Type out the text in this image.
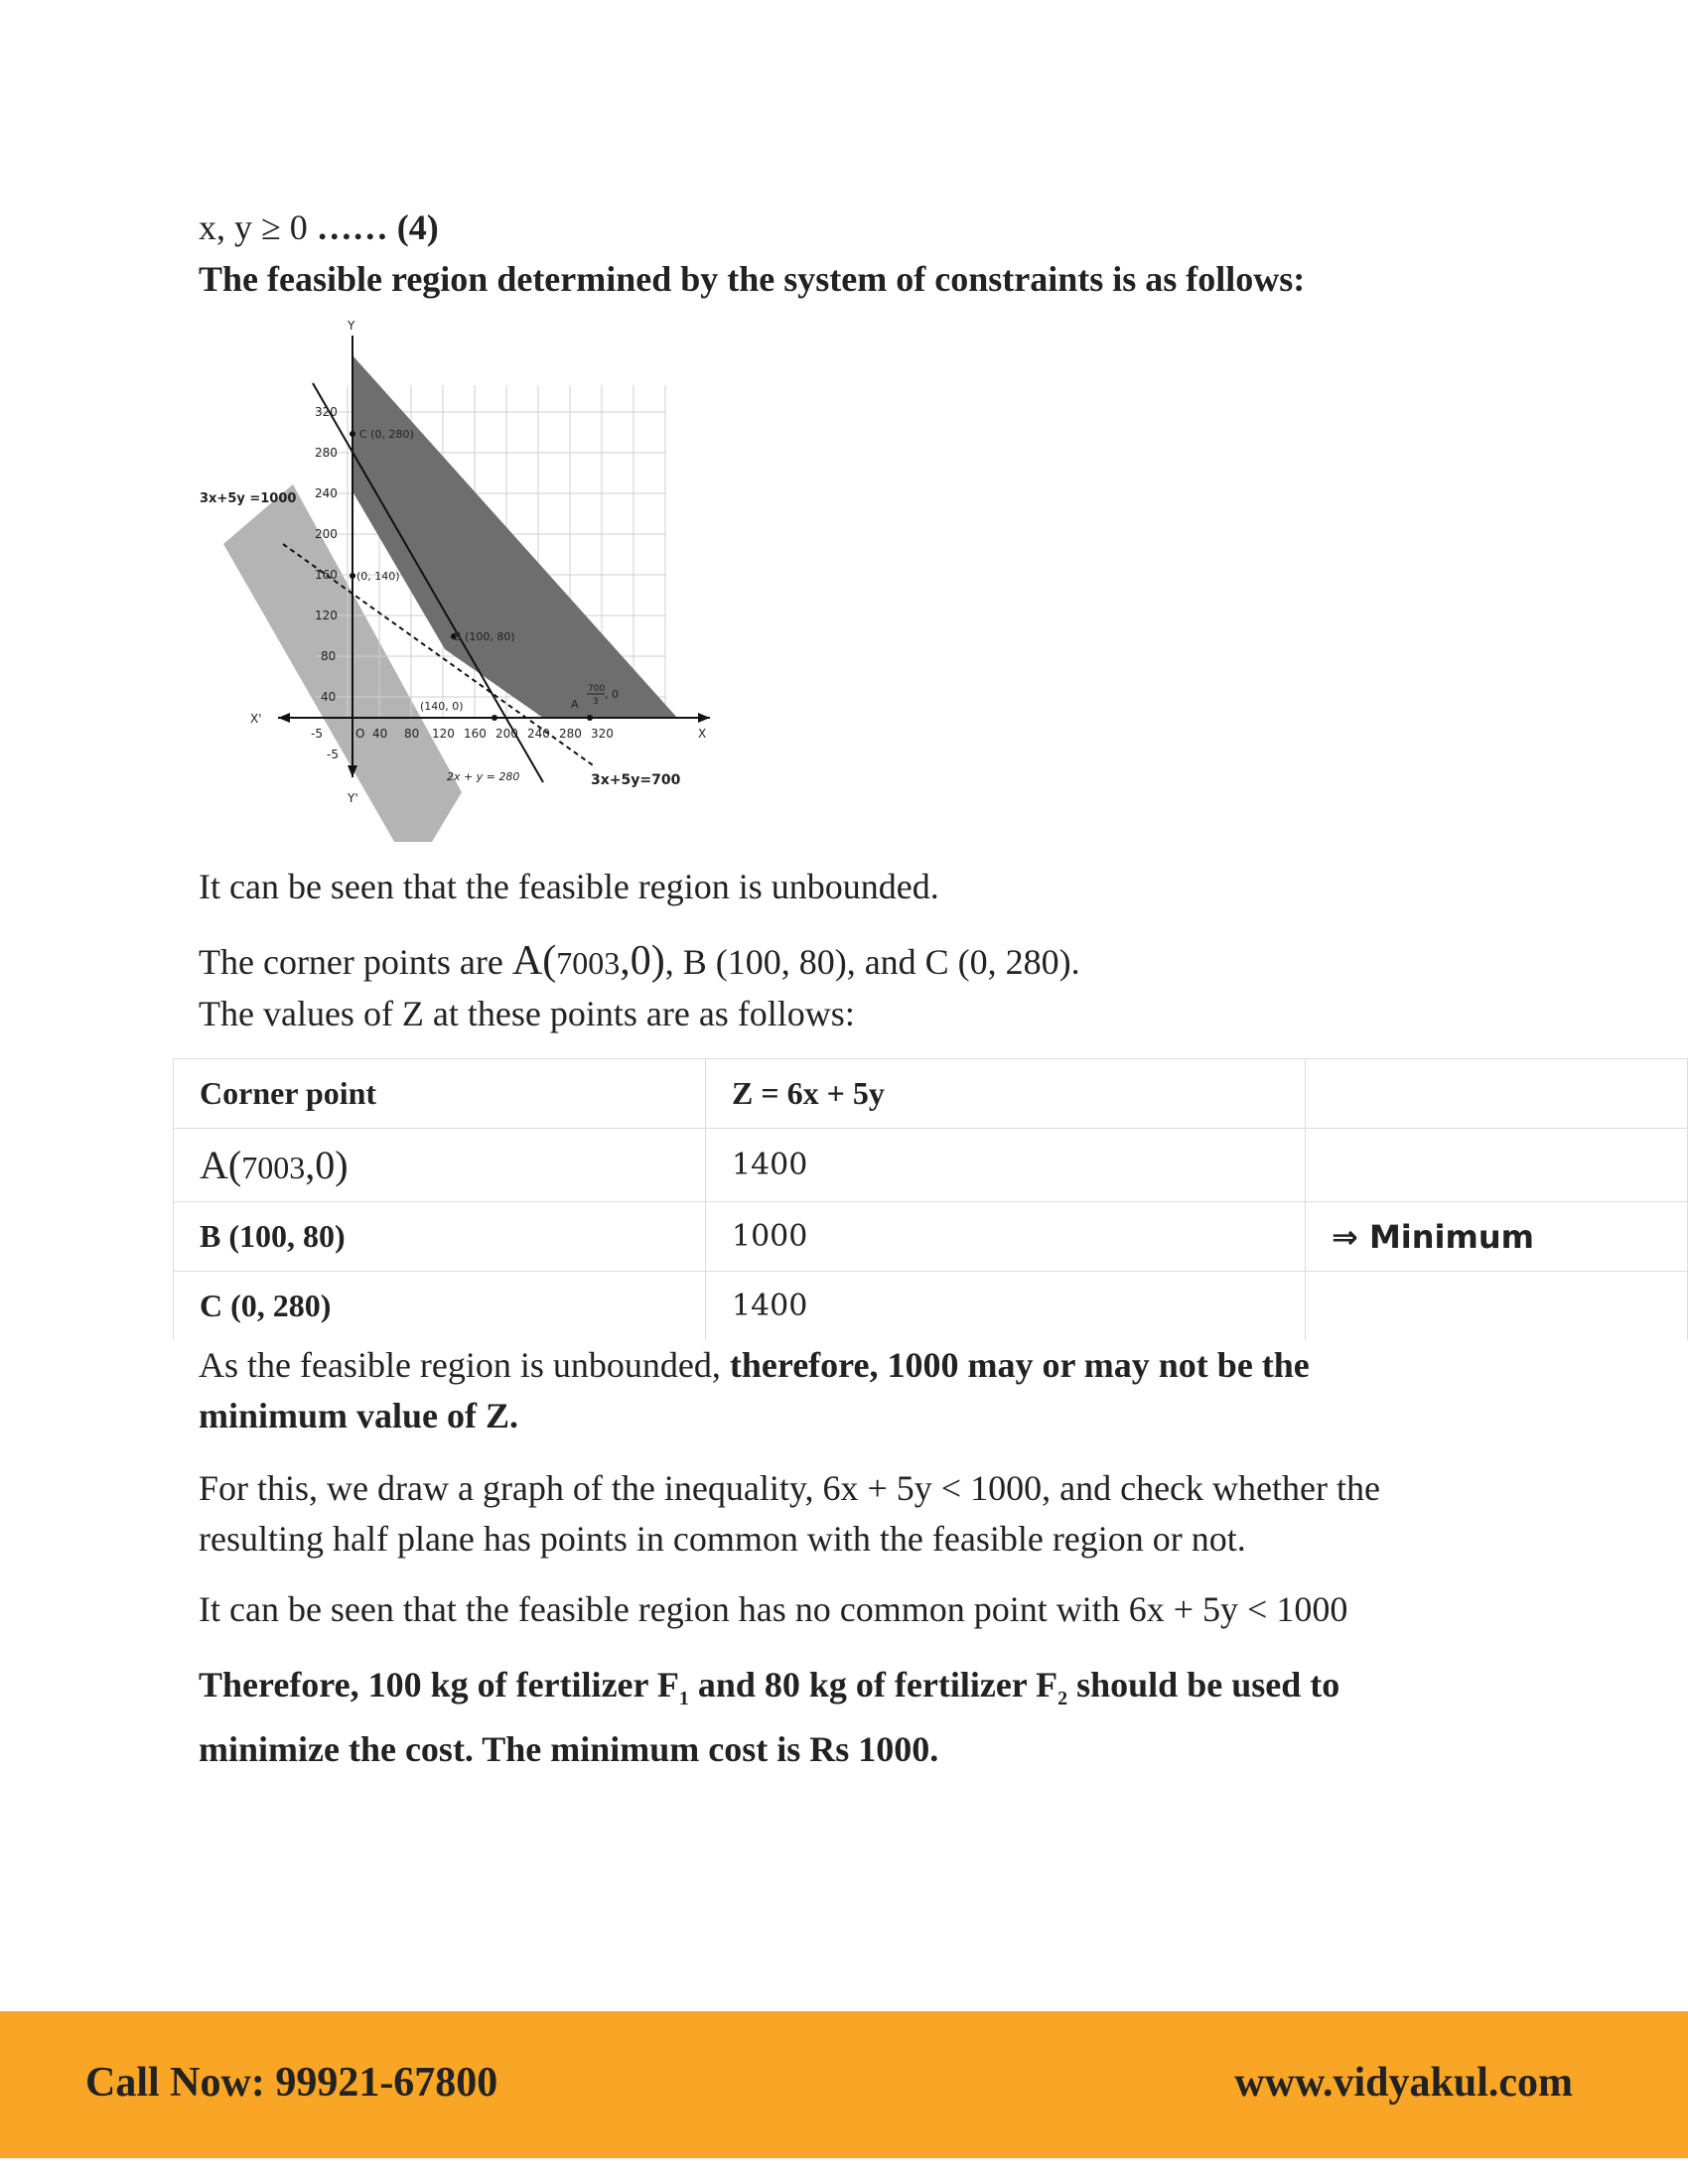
x, y ≥ 0 …… (4)
The feasible region determined by the system of constraints is as follows:
Y
X
X'
Y'
O
320
280
240
200
160
120
80
40
-5
-5	40 80 120 160 200 240 280 320
C (0, 280)
(0, 140)
B (100, 80)
(140, 0)	A
700
3
, 0
3x+5y =1000
2x + y = 280	3x+5y=700
It can be seen that the feasible region is unbounded.
The corner points are A(7003,0), B (100, 80), and C (0, 280).
The values of Z at these points are as follows:
Corner point	Z = 6x + 5y	
A(7003,0)	1400	
B (100, 80)	1000	⇒ Minimum
C (0, 280)	1400	
As the feasible region is unbounded, therefore, 1000 may or may not be the
minimum value of Z.
For this, we draw a graph of the inequality, 6x + 5y < 1000, and check whether the
resulting half plane has points in common with the feasible region or not.
It can be seen that the feasible region has no common point with 6x + 5y < 1000
Therefore, 100 kg of fertilizer $F_1$ and 80 kg of fertilizer $F_2$ should be used to
minimize the cost. The minimum cost is Rs 1000.
Call Now: 99921-67800	www.vidyakul.com
